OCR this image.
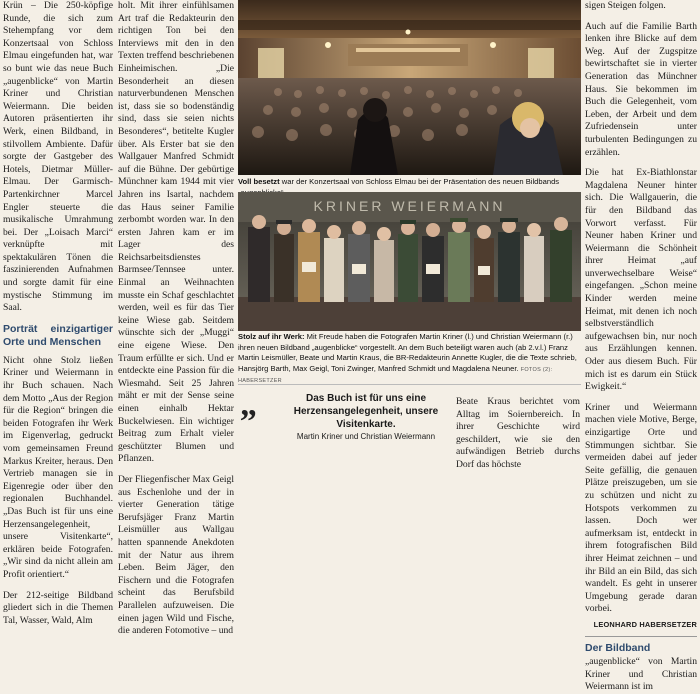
Krün – Die 250-köpfige Runde, die sich zum Stehempfang vor dem Konzertsaal von Schloss Elmau eingefunden hat, war so bunt wie das neue Buch „augenblicke“ von Martin Kriner und Christian Weiermann. Die beiden Autoren präsentierten ihr Werk, einen Bildband, in stilvollem Ambiente. Dafür sorgte der Gastgeber des Hotels, Dietmar Müller-Elmau. Der Garmisch-Partenkirchner Marcel Engler steuerte die musikalische Umrahmung bei. Der „Loisach Marci“ verknüpfte mit spektakulären Tönen die faszinierenden Aufnahmen und sorgte damit für eine mystische Stimmung im Saal.

Porträt einzigartiger Orte und Menschen

Nicht ohne Stolz ließen Kriner und Weiermann in ihr Buch schauen. Nach dem Motto „Aus der Region für die Region“ bringen die beiden Fotografen ihr Werk im Eigenverlag, gedruckt vom gemeinsamen Freund Markus Kreiter, heraus. Den Vertrieb managen sie in Eigenregie oder über den regionalen Buchhandel. „Das Buch ist für uns eine Herzensangelegenheit, unsere Visitenkarte“, erklären beide Fotografen. „Wir sind da nicht allein am Profit orientiert.“

Der 212-seitige Bildband gliedert sich in die Themen Tal, Wasser, Wald, Alm

holt. Mit ihrer einfühlsamen Art traf die Redakteurin den richtigen Ton bei den Interviews mit den in den Texten treffend beschriebenen Einheimischen. „Die Besonderheit an diesen naturverbundenen Menschen ist, dass sie so bodenständig sind, dass sie seien nichts Besonderes“, betitelte Kugler über. Als Erster bat sie den Wallgauer Manfred Schmidt auf die Bühne. Der gebürtige Münchner kam 1944 mit vier Jahren ins Isartal, nachdem das Haus seiner Familie zerbombt worden war. In den ersten Jahren kam er im Lager des Reichsarbeitsdienstes Barmsee/Tennsee unter. Einmal an Weihnachten musste ein Schaf geschlachtet werden, weil es für das Tier keine Wiese gab. Seitdem wünschte sich der „Muggi“ eine eigene Wiese. Den Traum erfüllte er sich. Und er entdeckte eine Passion für die Wiesmahd. Seit 25 Jahren mäht er mit der Sense seine einen einhalb Hektar Buckelwiesen. Ein wichtiger Beitrag zum Erhalt vieler geschützter Blumen und Pflanzen.

Der Fliegenfischer Max Geigl aus Eschenlohe und der in vierter Generation tätige Berufsjäger Franz Martin Leismüller aus Wallgau hatten spannende Anekdoten mit der Natur aus ihrem Leben. Beim Jäger, den Fischern und die Fotografen scheint das Berufsbild Parallelen aufzuweisen. Die einen jagen Wild und Fische, die anderen Fotomotive – und

Voll besetzt war der Konzertsaal von Schloss Elmau bei der Präsentation des neuen Bildbands
KRINER WEIERMANN
Stolz auf ihr Werk: Mit Freude haben die Fotografen Martin Kriner (l.) und Christian Weiermann (r.) ihren neuen Bildband „augenblicke“ vorgestellt. An dem Buch beteiligt waren auch (ab 2.v.l.) Franz Martin Leismüller, Beate und Martin Kraus, die BR-Redakteurin Annette Kugler, die die Texte schrieb, Hansjörg Barth, Max Geigl, Toni Zwinger, Manfred Schmidt und Magdalena Neuner. FOTOS (2): HABERSETZER
„	Das Buch ist für uns eine Herzensangelegenheit, unsere Visitenkarte.
Martin Kriner und Christian Weiermann

Beate Kraus berichtet vom Alltag im Soiernbereich. In ihrer Geschichte wird geschildert, wie sie den aufwändigen Betrieb durchs Dorf das höchste

sigen Steigen folgen.

Auch auf die Familie Barth lenken ihre Blicke auf dem Weg. Auf der Zugspitze bewirtschaftet sie in vierter Generation das Münchner Haus. Sie bekommen im Buch die Gelegenheit, vom Leben, der Arbeit und dem Zufriedensein unter turbulenten Bedingungen zu erzählen.

Die hat Ex-Biathlonstar Magdalena Neuner hinter sich. Die Wallgauerin, die für den Bildband das Vorwort verfasst. Für Neuner haben Kriner und Weiermann die Schönheit ihrer Heimat „auf unverwechselbare Weise“ eingefangen. „Schon meine Kinder werden meine Heimat, mit denen ich noch selbstverständlich aufgewachsen bin, nur noch aus Erzählungen kennen. Oder aus diesem Buch. Für mich ist es darum ein Stück Ewigkeit.“

Kriner und Weiermann machen viele Motive, Berge, einzigartige Orte und Stimmungen sichtbar. Sie vermeiden dabei auf jeder Seite gefällig, die genauen Plätze preiszugeben, um sie zu schützen und nicht zu Hotspots verkommen zu lassen. Doch wer aufmerksam ist, entdeckt in ihrem fotografischen Bild ihrer Heimat zeichnen – und ihr Bild an ein Bild, das sich wandelt. Es geht in unserer Umgebung gerade daran vorbei.

LEONHARD HABERSETZER
Der Bildband

„augenblicke“ von Martin Kriner und Christian Weiermann ist im
